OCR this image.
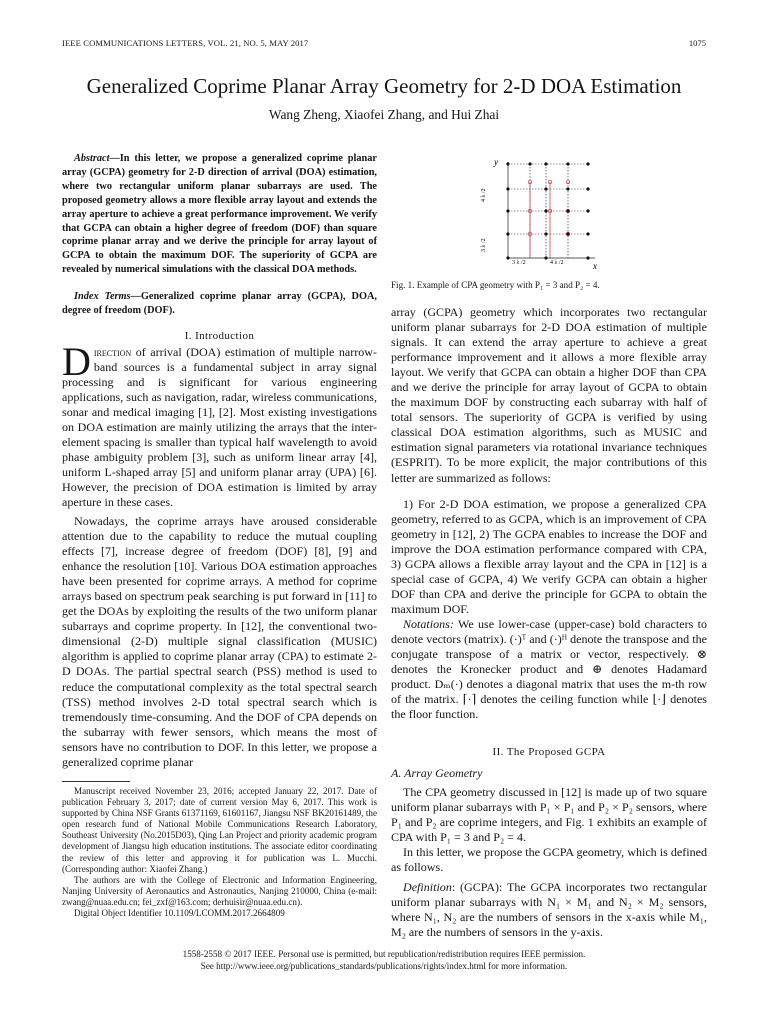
IEEE COMMUNICATIONS LETTERS, VOL. 21, NO. 5, MAY 2017	1075
Generalized Coprime Planar Array Geometry for 2-D DOA Estimation
Wang Zheng, Xiaofei Zhang, and Hui Zhai
Abstract—In this letter, we propose a generalized coprime planar array (GCPA) geometry for 2-D direction of arrival (DOA) estimation, where two rectangular uniform planar subarrays are used. The proposed geometry allows a more flexible array layout and extends the array aperture to achieve a great performance improvement. We verify that GCPA can obtain a higher degree of freedom (DOF) than square coprime planar array and we derive the principle for array layout of GCPA to obtain the maximum DOF. The superiority of GCPA are revealed by numerical simulations with the classical DOA methods.
Index Terms—Generalized coprime planar array (GCPA), DOA, degree of freedom (DOF).
I. Introduction
Direction of arrival (DOA) estimation of multiple narrow-band sources is a fundamental subject in array signal processing and is significant for various engineering applications, such as navigation, radar, wireless communications, sonar and medical imaging [1], [2]. Most existing investigations on DOA estimation are mainly utilizing the arrays that the inter-element spacing is smaller than typical half wavelength to avoid phase ambiguity problem [3], such as uniform linear array [4], uniform L-shaped array [5] and uniform planar array (UPA) [6]. However, the precision of DOA estimation is limited by array aperture in these cases.
Nowadays, the coprime arrays have aroused considerable attention due to the capability to reduce the mutual coupling effects [7], increase degree of freedom (DOF) [8], [9] and enhance the resolution [10]. Various DOA estimation approaches have been presented for coprime arrays. A method for coprime arrays based on spectrum peak searching is put forward in [11] to get the DOAs by exploiting the results of the two uniform planar subarrays and coprime property. In [12], the conventional two-dimensional (2-D) multiple signal classification (MUSIC) algorithm is applied to coprime planar array (CPA) to estimate 2-D DOAs. The partial spectral search (PSS) method is used to reduce the computational complexity as the total spectral search (TSS) method involves 2-D total spectral search which is tremendously time-consuming. And the DOF of CPA depends on the subarray with fewer sensors, which means the most of sensors have no contribution to DOF. In this letter, we propose a generalized coprime planar

Manuscript received November 23, 2016; accepted January 22, 2017. Date of publication February 3, 2017; date of current version May 6, 2017. This work is supported by China NSF Grants 61371169, 61601167, Jiangsu NSF BK20161489, the open research fund of National Mobile Communications Research Laboratory, Southeast University (No.2015D03), Qing Lan Project and priority academic program development of Jiangsu high education institutions. The associate editor coordinating the review of this letter and approving it for publication was L. Mucchi. (Corresponding author: Xiaofei Zhang.)

The authors are with the College of Electronic and Information Engineering, Nanjing University of Aeronautics and Astronautics, Nanjing 210000, China (e-mail: zwang@nuaa.edu.cn; fei_zxf@163.com; derhuisir@nuaa.edu.cn).

Digital Object Identifier 10.1109/LCOMM.2017.2664809

y
x
4 λ /2
3 λ /2
3 λ /2	4 λ /2
Fig. 1. Example of CPA geometry with P₁ = 3 and P₂ = 4.
array (GCPA) geometry which incorporates two rectangular uniform planar subarrays for 2-D DOA estimation of multiple signals. It can extend the array aperture to achieve a great performance improvement and it allows a more flexible array layout. We verify that GCPA can obtain a higher DOF than CPA and we derive the principle for array layout of GCPA to obtain the maximum DOF by constructing each subarray with half of total sensors. The superiority of GCPA is verified by using classical DOA estimation algorithms, such as MUSIC and estimation signal parameters via rotational invariance techniques (ESPRIT). To be more explicit, the major contributions of this letter are summarized as follows:
1) For 2-D DOA estimation, we propose a generalized CPA geometry, referred to as GCPA, which is an improvement of CPA geometry in [12], 2) The GCPA enables to increase the DOF and improve the DOA estimation performance compared with CPA, 3) GCPA allows a flexible array layout and the CPA in [12] is a special case of GCPA, 4) We verify GCPA can obtain a higher DOF than CPA and derive the principle for GCPA to obtain the maximum DOF.
Notations: We use lower-case (upper-case) bold characters to denote vectors (matrix). (·)ᵀ and (·)ᴴ denote the transpose and the conjugate transpose of a matrix or vector, respectively. ⊗ denotes the Kronecker product and ⊕ denotes Hadamard product. Dₘ(·) denotes a diagonal matrix that uses the m-th row of the matrix. ⌈·⌉ denotes the ceiling function while ⌊·⌋ denotes the floor function.
II. The Proposed GCPA
A. Array Geometry
The CPA geometry discussed in [12] is made up of two square uniform planar subarrays with P₁ × P₁ and P₂ × P₂ sensors, where P₁ and P₂ are coprime integers, and Fig. 1 exhibits an example of CPA with P₁ = 3 and P₂ = 4.
In this letter, we propose the GCPA geometry, which is defined as follows.
Definition: (GCPA): The GCPA incorporates two rectangular uniform planar subarrays with N₁ × M₁ and N₂ × M₂ sensors, where N₁, N₂ are the numbers of sensors in the x-axis while M₁, M₂ are the numbers of sensors in the y-axis.
1558-2558 © 2017 IEEE. Personal use is permitted, but republication/redistribution requires IEEE permission.
See http://www.ieee.org/publications_standards/publications/rights/index.html for more information.
